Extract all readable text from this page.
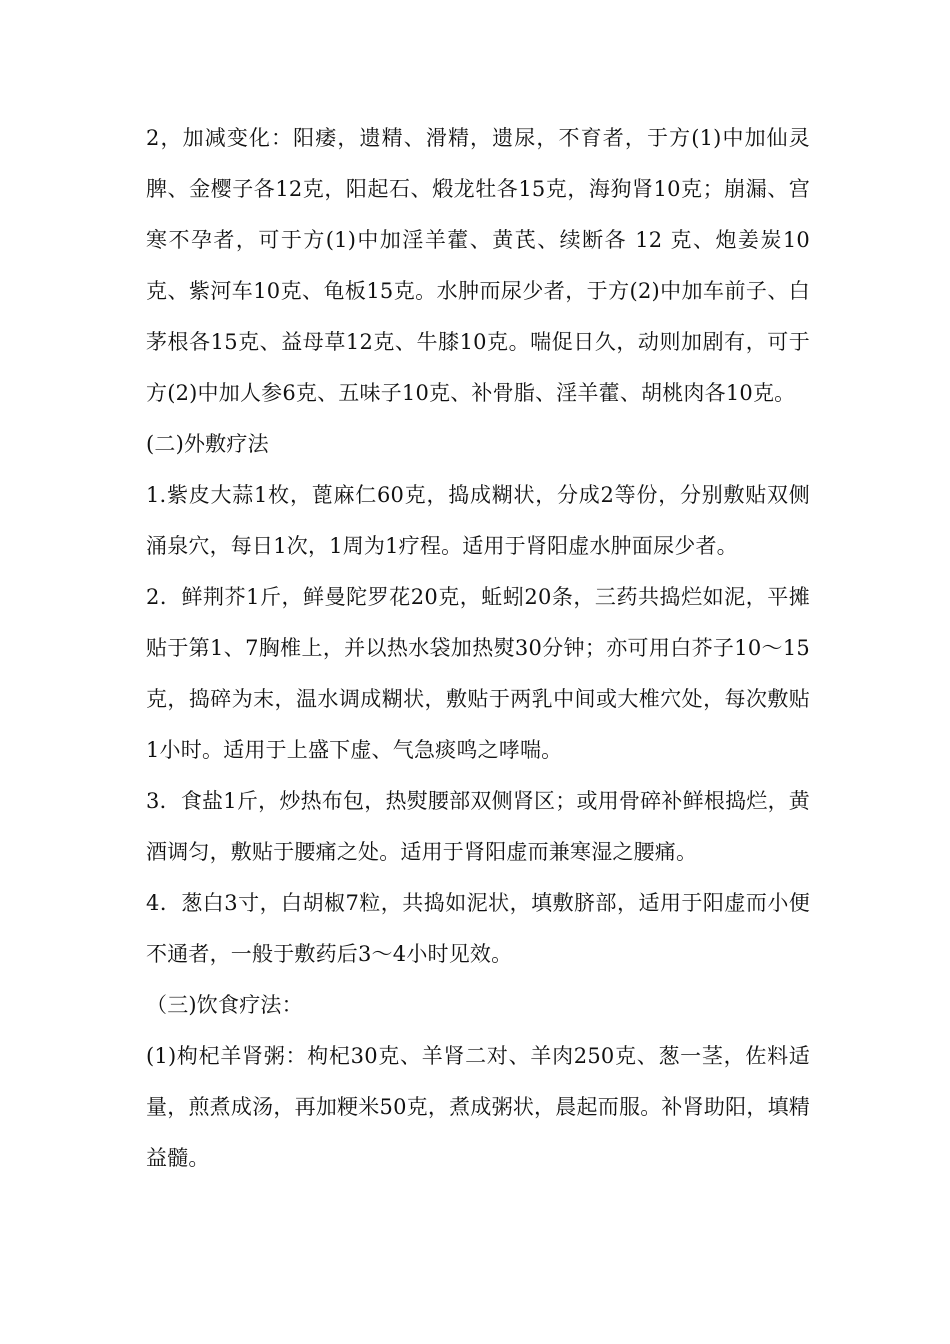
2，加减变化：阳痿，遗精、滑精，遗尿，不育者，于方(1)中加仙灵脾、金樱子各12克，阳起石、煅龙牡各15克，海狗肾10克；崩漏、宫寒不孕者，可于方(1)中加淫羊藿、黄芪、续断各 12 克、炮姜炭10克、紫河车10克、龟板15克。水肿而尿少者，于方(2)中加车前子、白茅根各15克、益母草12克、牛膝10克。喘促日久，动则加剧有，可于方(2)中加人参6克、五味子10克、补骨脂、淫羊藿、胡桃肉各10克。

(二)外敷疗法

1.紫皮大蒜1枚，蓖麻仁60克，捣成糊状，分成2等份，分别敷贴双侧涌泉穴，每日1次，1周为1疗程。适用于肾阳虚水肿面尿少者。

2．鲜荆芥1斤，鲜曼陀罗花20克，蚯蚓20条，三药共捣烂如泥，平摊贴于第1、7胸椎上，并以热水袋加热熨30分钟；亦可用白芥子10～15克，捣碎为末，温水调成糊状，敷贴于两乳中间或大椎穴处，每次敷贴1小时。适用于上盛下虚、气急痰鸣之哮喘。

3．食盐1斤，炒热布包，热熨腰部双侧肾区；或用骨碎补鲜根捣烂，黄酒调匀，敷贴于腰痛之处。适用于肾阳虚而兼寒湿之腰痛。

4．葱白3寸，白胡椒7粒，共捣如泥状，填敷脐部，适用于阳虚而小便不通者，一般于敷药后3～4小时见效。

（三)饮食疗法：

(1)枸杞羊肾粥：枸杞30克、羊肾二对、羊肉250克、葱一茎，佐料适量，煎煮成汤，再加粳米50克，煮成粥状，晨起而服。补肾助阳，填精益髓。
